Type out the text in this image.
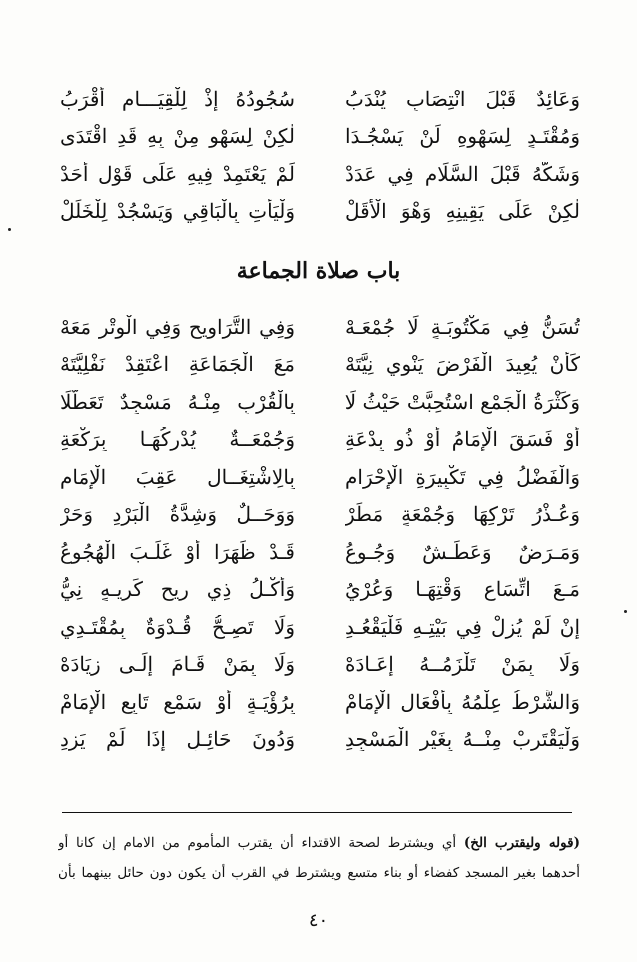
وَعَائِدٌ قَبْلَ انْتِصَابٍ يُنْدَبُ
سُجُودُهُ إِذْ لِلْقِيَـــامِ أَقْرَبُ
وَمُقْتَـدٍ لِسَهْوِهِ لَنْ يَسْجُـدَا
لٰكِنْ لِسَهْوٍ مِنْ بِهِ قَدِ اقْتَدَى
وَشَكُّهُ قَبْلَ السَّلَامِ فِي عَدَدْ
لَمْ يَعْتَمِدْ فِيهِ عَلَى قَوْلِ أَحَدْ
لٰكِنْ عَلَى يَقِينِهِ وَهْوَ الْأَقَلْ
وَلْيَأْتِ بِالْبَاقِي وَيَسْجُدْ لِلْخَلَلْ
باب صلاة الجماعة
تُسَنُّ فِي مَكْتُوبَـةٍ لَا جُمْعَـهْ
وَفِي التَّرَاوِيحِ وَفِي الْوِتْرِ مَعَهْ
كَأَنْ يُعِيدَ الْفَرْضَ يَنْوِي نِيَّتَهْ
مَعَ الْجَمَاعَةِ اعْتَقِدْ نَفْلِيَّتَهْ
وَكَثْرَةُ الْجَمْعِ اسْتُحِبَّتْ حَيْثُ لَا
بِالْقُرْبِ مِنْـهُ مَسْجِدٌ تَعَطَّلَا
أَوْ فَسَقَ الْإِمَامُ أَوْ ذُو بِدْعَةِ
وَجُمْعَــةٌ يُدْرِكُهَـا بِرَكْعَةِ
وَالْفَضْلُ فِي تَكْبِيرَةِ الْإِحْرَامِ
بِالِاشْتِغَــالِ عَقِبَ الْإِمَامِ
وَعُـذْرُ تَرْكِهَا وَجُمْعَةٍ مَطَرْ
وَوَحَــلٌ وَشِدَّةُ الْبَرْدِ وَحَرْ
وَمَـرَضٌ وَعَطَـشٌ وَجُـوعُ
قَـدْ ظَهَرَا أَوْ غَلَـبَ الْهُجُوعُ
مَـعَ اتِّسَاعِ وَقْتِهَـا وَعُرْيُ
وَأَكْـلُ ذِي رِيحٍ كَرِيـهٍ نِيُّ
إِنْ لَمْ يُزِلْ فِي بَيْتِـهِ فَلْيَقْعُـدِ
وَلَا تَصِـحُّ قُـدْوَةٌ بِمُقْتَـدِي
وَلَا بِمَنْ تَلْزَمُــهُ إِعَـادَهْ
وَلَا بِمَنْ قَـامَ إِلَـى زِيَادَهْ
وَالشَّرْطُ عِلْمُهُ بِأَفْعَالِ الْإِمَامْ
بِرُؤْيَـةٍ أَوْ سَمْعِ تَابِعِ الْإِمَامْ
وَلْيَقْتَرِبْ مِنْــهُ بِغَيْرِ الْمَسْجِدِ
وَدُونَ حَائِـلٍ إِذَا لَمْ يَزِدِ

(قوله وليقترب الخ) أي ويشترط لصحة الاقتداء أن يقترب المأموم من الامام إن كانا أو

أحدهما بغير المسجد كفضاء أو بناء متسع ويشترط في القرب أن يكون دون حائل بينهما بأن

٤٠
